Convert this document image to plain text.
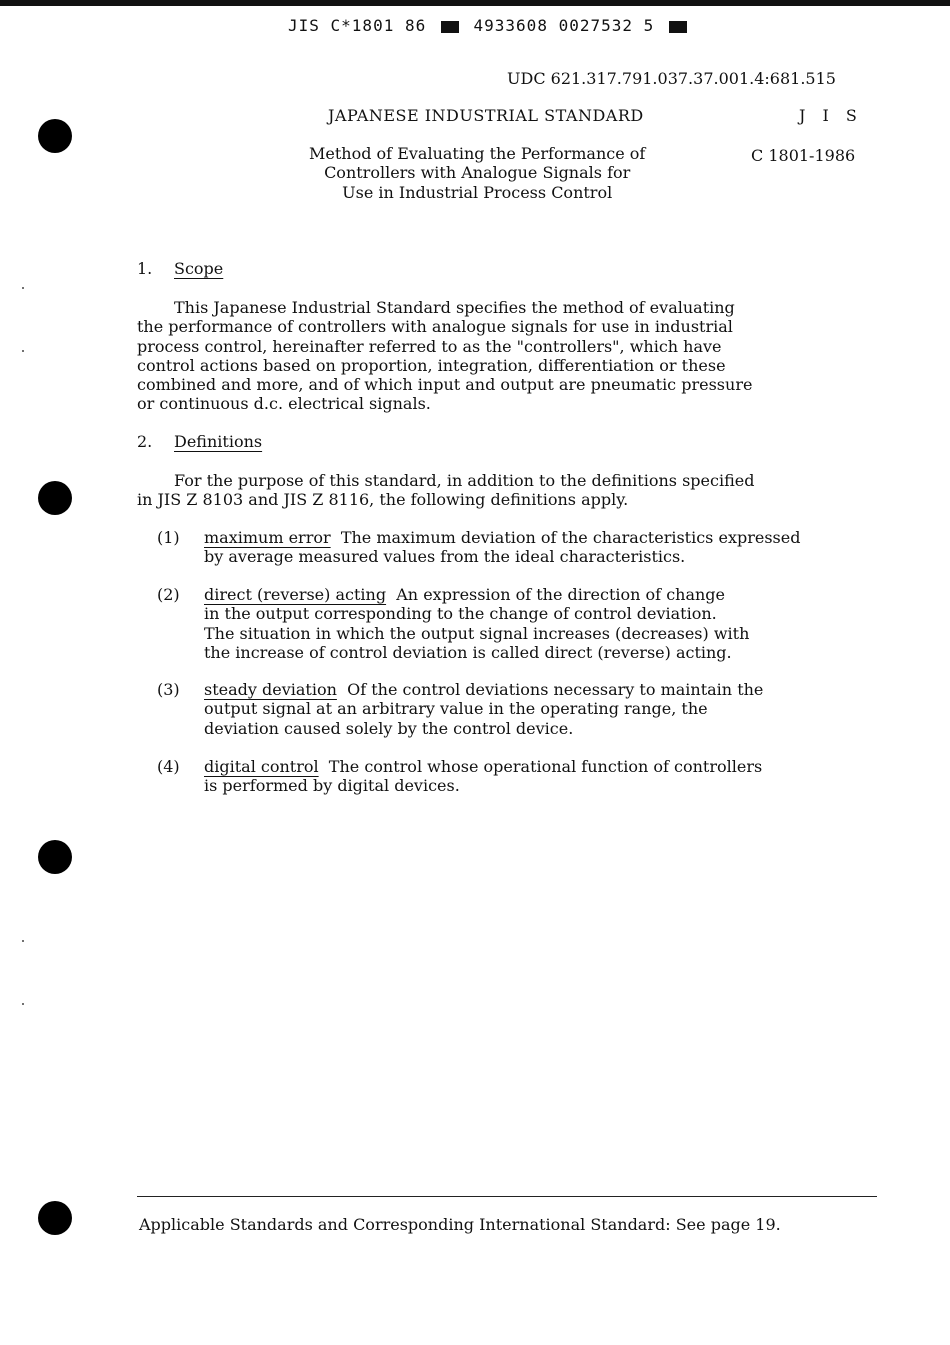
JIS C*1801 86	4933608 0027532 5
UDC 621.317.791.037.37.001.4:681.515
JAPANESE INDUSTRIAL STANDARD	J I S
Method of Evaluating the Performance of
Controllers with Analogue Signals for
Use in Industrial Process Control
C 1801-1986
1. Scope
This Japanese Industrial Standard specifies the method of evaluating
the performance of controllers with analogue signals for use in industrial
process control, hereinafter referred to as the "controllers", which have
control actions based on proportion, integration, differentiation or these
combined and more, and of which input and output are pneumatic pressure
or continuous d.c. electrical signals.
2. Definitions
For the purpose of this standard, in addition to the definitions specified
in JIS Z 8103 and JIS Z 8116, the following definitions apply.
(1) maximum error The maximum deviation of the characteristics expressed
by average measured values from the ideal characteristics.
(2) direct (reverse) acting An expression of the direction of change
in the output corresponding to the change of control deviation.
The situation in which the output signal increases (decreases) with
the increase of control deviation is called direct (reverse) acting.
(3) steady deviation Of the control deviations necessary to maintain the
output signal at an arbitrary value in the operating range, the
deviation caused solely by the control device.
(4) digital control The control whose operational function of controllers
is performed by digital devices.
Applicable Standards and Corresponding International Standard: See page 19.
